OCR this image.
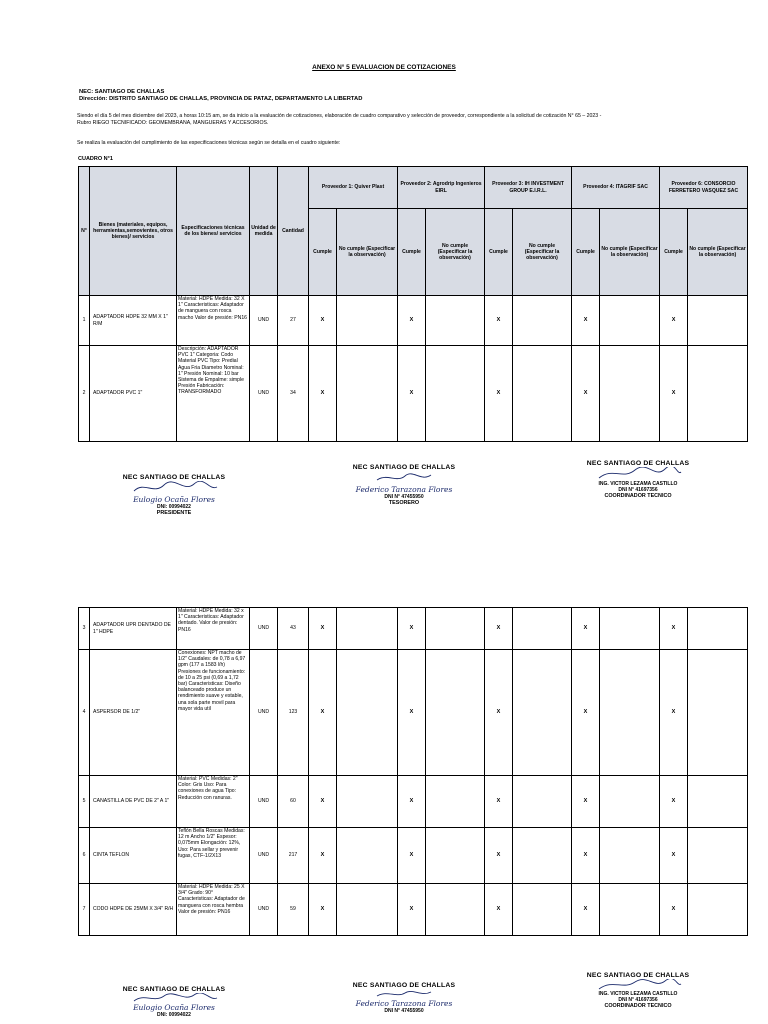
ANEXO N° 5 EVALUACION DE COTIZACIONES
NEC: SANTIAGO DE CHALLAS
Dirección: DISTRITO SANTIAGO DE CHALLAS, PROVINCIA DE PATAZ, DEPARTAMENTO LA LIBERTAD
Siendo el día 5 del mes diciembre del 2023, a horas 10:15 am, se da inicio a la evaluación de cotizaciones, elaboración de cuadro comparativo y selección de proveedor, correspondiente a la solicitud de cotización N° 65 – 2023 -
Rubro RIEGO TECNIFICADO: GEOMEMBRANA, MANGUERAS Y ACCESORIOS.
Se realiza la evaluación del cumplimiento de las especificaciones técnicas según se detalla en el cuadro siguiente:
CUADRO N°1
N°	Bienes (materiales, equipos, herramientas,semovientes, otros bienes)/ servicios	Especificaciones técnicas de los bienes/ servicios	Unidad de medida	Cantidad	Proveedor 1: Quiver Plast		Proveedor 2: Agrodrip Ingenieros EIRL		Proveedor 3: IH INVESTMENT GROUP E.I.R.L.		Proveedor 4: ITAGRIF SAC		Proveedor 6: CONSORCIO FERRETERO VASQUEZ SAC	
					Cumple	No cumple (Especificar la observación)	Cumple	No cumple (Especificar la observación)	Cumple	No cumple (Especificar la observación)	Cumple	No cumple (Especificar la observación)	Cumple	No cumple (Especificar la observación)
1	ADAPTADOR HDPE 32 MM X 1" R/M	Material: HDPE Medida: 32 X 1" Caracteristicas: Adaptador de manguera con rosca macho Valor de presión: PN16	UND	27	X		X		X		X		X	
2	ADAPTADOR PVC 1"	Descripción: ADAPTADOR PVC 1" Categoria: Codo Material PVC Tipo: Predial Agua Fria Diametro Nominal: 1" Presión Nominal: 10 bar Sistema de Empalme: simple Presión Fabricación: TRANSFORMADO	UND	34	X		X		X		X		X	
NEC SANTIAGO DE CHALLAS
Eulogio Ocaña Flores
DNI: 00994022
PRESIDENTE
NEC SANTIAGO DE CHALLAS
Federico Tarazona Flores
DNI N° 47455950
TESORERO
NEC SANTIAGO DE CHALLAS
ING. VICTOR LEZAMA CASTILLO
DNI N° 41697356
COORDINADOR TECNICO
3	ADAPTADOR UPR DENTADO DE 1" HDPE	Material: HDPE Medida: 32 x 1" Caracteristicas: Adaptador dentado. Valor de presión: PN16	UND	43	X		X		X		X		X	
4	ASPERSOR DE 1/2"	Conexiones: NPT macho de 1/2" Caudales: de 0,78 a 6,97 gpm (177 a 1583 l/h) Presiones de funcionamiento: de 10 a 25 psi (0,69 a 1,72 bar) Caracteristicas: Diseño balanceado produce un rendimiento suave y estable, una sola parte movil para mayor vida util	UND	123	X		X		X		X		X	
5	CANASTILLA DE PVC DE 2" A 1"	Material: PVC Medidas: 2" Color: Gris Uso: Para conexiones de agua Tipo: Reducción con ranuras.	UND	60	X		X		X		X		X	
6	CINTA TEFLON	Teflón Bella Roscas Medidas: 12 m Ancho 1/2" Espesor: 0,075mm Elongación: 12%, Uso: Para sellar y prevenir fugas, CTF-1/2X13	UND	217	X		X		X		X		X	
7	CODO HDPE DE 25MM X 3/4" R/H	Material: HDPE Medida: 25 X 3/4" Grado: 90° Caracteristicas: Adaptador de manguera con rosca hembra Valor de presión: PN16	UND	59	X		X		X		X		X	
NEC SANTIAGO DE CHALLAS
Eulogio Ocaña Flores
DNI: 00994022
NEC SANTIAGO DE CHALLAS
Federico Tarazona Flores
DNI N° 47455950
NEC SANTIAGO DE CHALLAS
ING. VICTOR LEZAMA CASTILLO
DNI N° 41697356
COORDINADOR TECNICO
